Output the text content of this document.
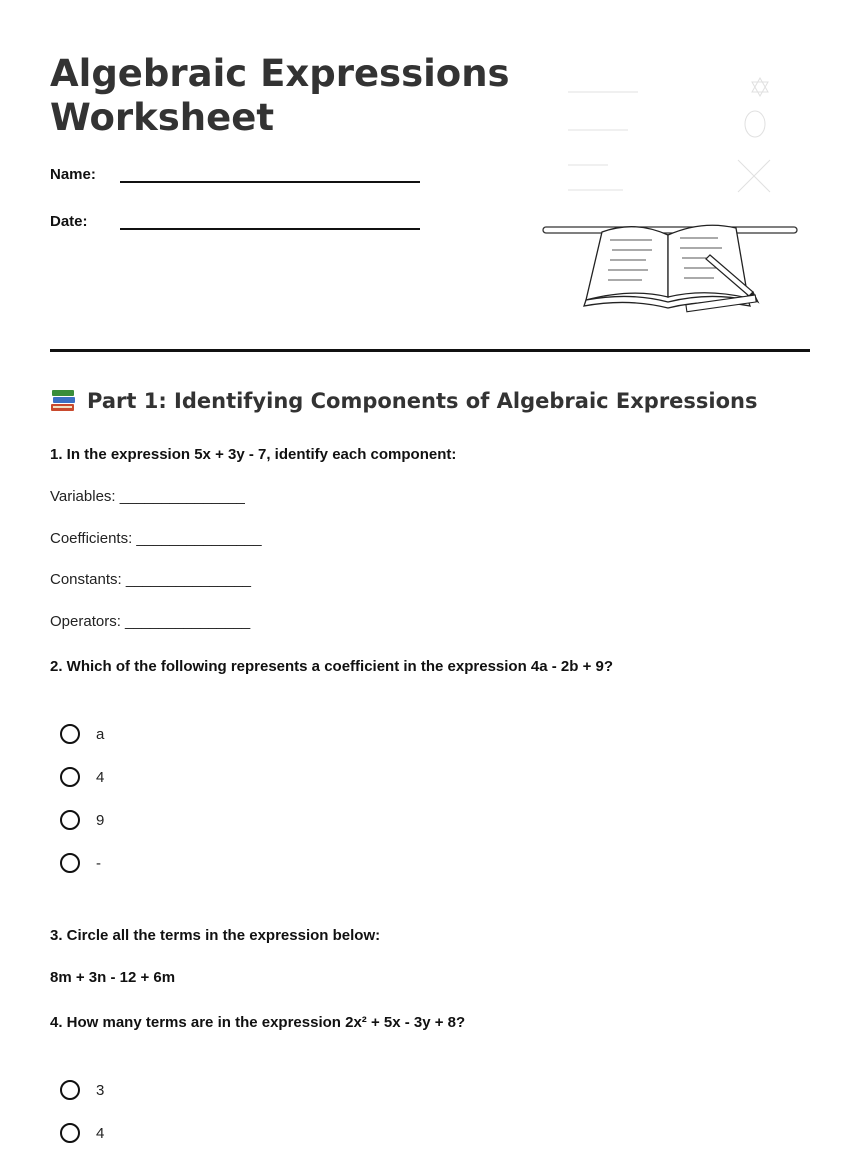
Algebraic Expressions
Worksheet
Name:
Date:
Part 1: Identifying Components of Algebraic Expressions

1. In the expression 5x + 3y - 7, identify each component:

Variables: _______________
Coefficients: _______________
Constants: _______________
Operators: _______________

2. Which of the following represents a coefficient in the expression 4a - 2b + 9?

a
4
9
-

3. Circle all the terms in the expression below:

8m + 3n - 12 + 6m

4. How many terms are in the expression 2x² + 5x - 3y + 8?

3
4
